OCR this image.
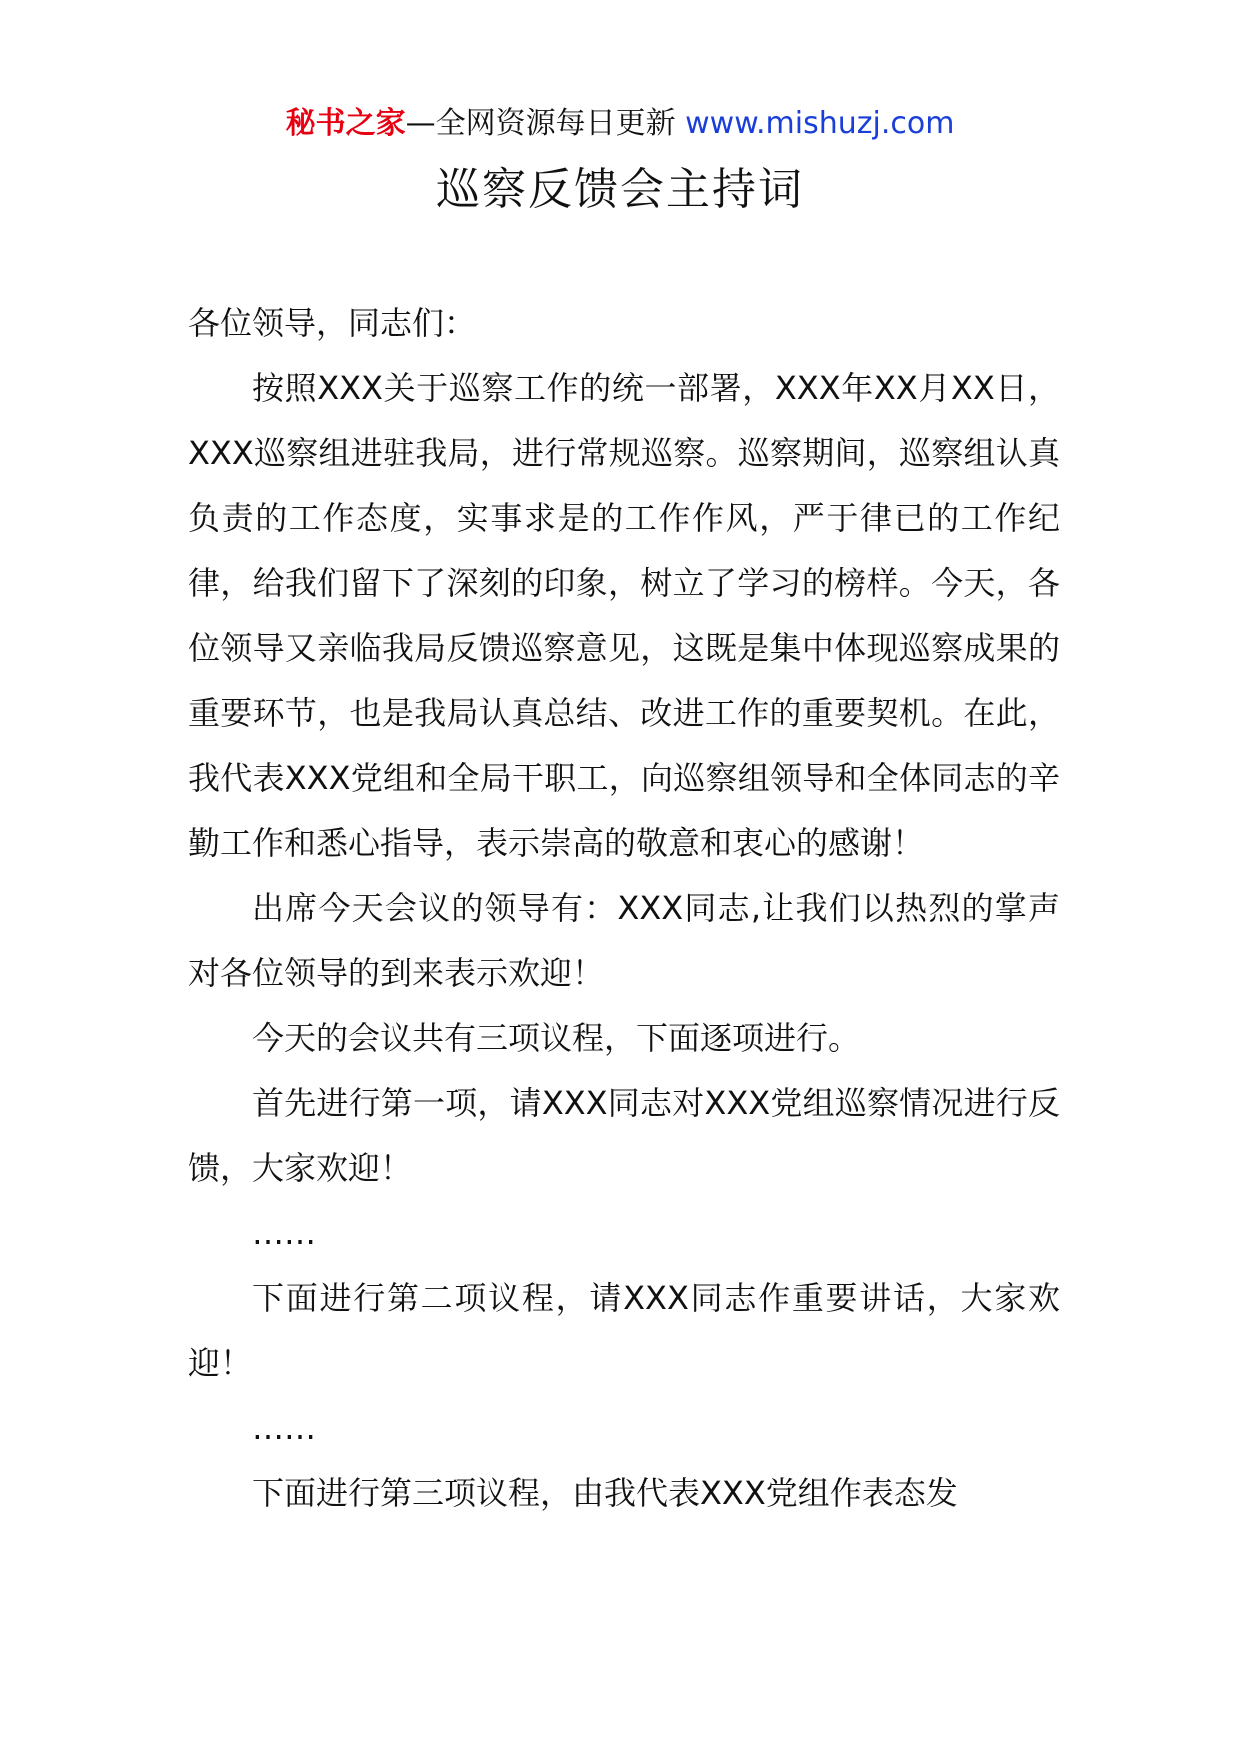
秘书之家—全网资源每日更新 www.mishuzj.com
巡察反馈会主持词

各位领导，同志们：

按照XXX关于巡察工作的统一部署，XXX年XX月XX日，XXX巡察组进驻我局，进行常规巡察。巡察期间，巡察组认真负责的工作态度，实事求是的工作作风，严于律已的工作纪律，给我们留下了深刻的印象，树立了学习的榜样。今天，各位领导又亲临我局反馈巡察意见，这既是集中体现巡察成果的重要环节，也是我局认真总结、改进工作的重要契机。在此，我代表XXX党组和全局干职工，向巡察组领导和全体同志的辛勤工作和悉心指导，表示崇高的敬意和衷心的感谢！

出席今天会议的领导有：XXX同志,让我们以热烈的掌声对各位领导的到来表示欢迎！

今天的会议共有三项议程，下面逐项进行。

首先进行第一项，请XXX同志对XXX党组巡察情况进行反馈，大家欢迎！

……

下面进行第二项议程，请XXX同志作重要讲话，大家欢迎！

……

下面进行第三项议程，由我代表XXX党组作表态发
